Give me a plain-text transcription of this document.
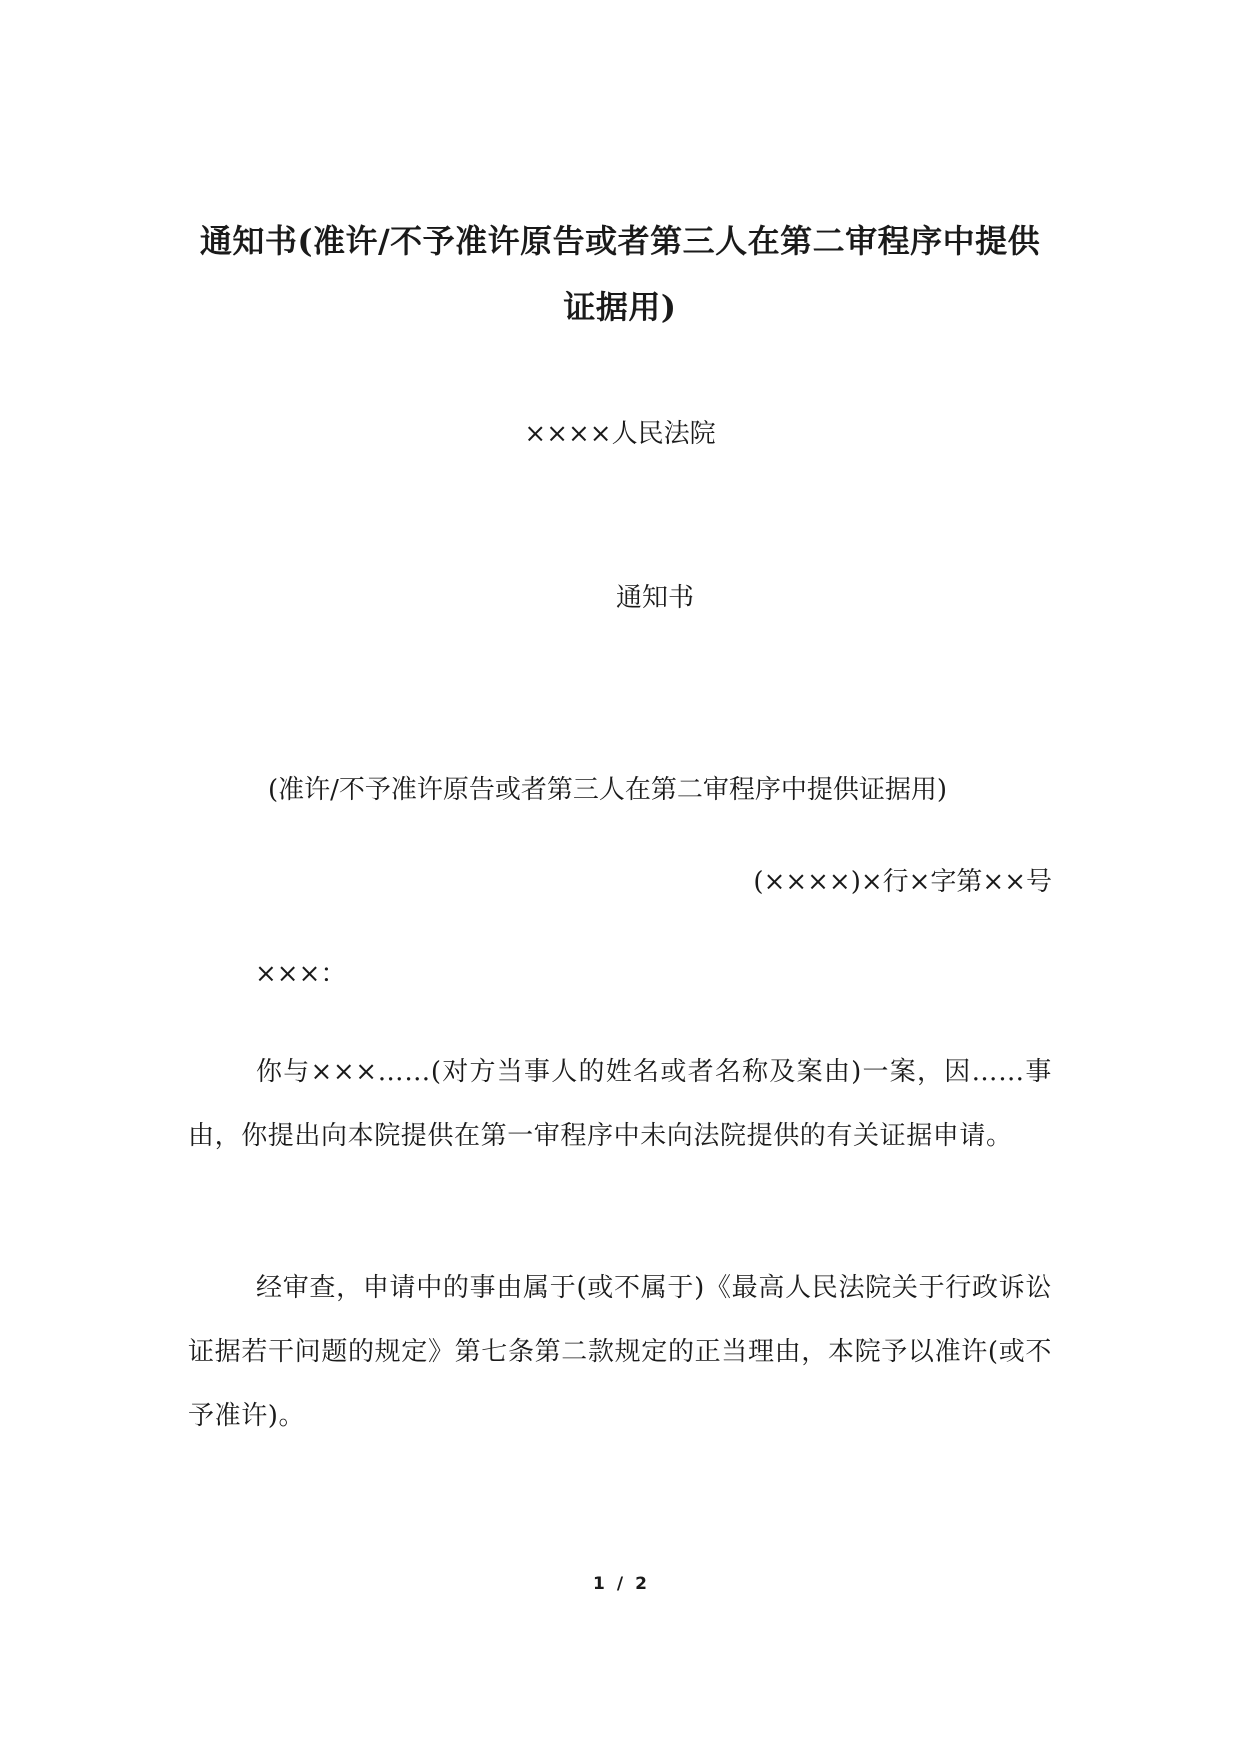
通知书(准许/不予准许原告或者第三人在第二审程序中提供证据用)
××××人民法院
通知书
(准许/不予准许原告或者第三人在第二审程序中提供证据用)
(××××)×行×字第××号
×××：

你与×××……(对方当事人的姓名或者名称及案由)一案，因……事由，你提出向本院提供在第一审程序中未向法院提供的有关证据申请。

经审查，申请中的事由属于(或不属于)《最高人民法院关于行政诉讼证据若干问题的规定》第七条第二款规定的正当理由，本院予以准许(或不予准许)。

1 / 2
